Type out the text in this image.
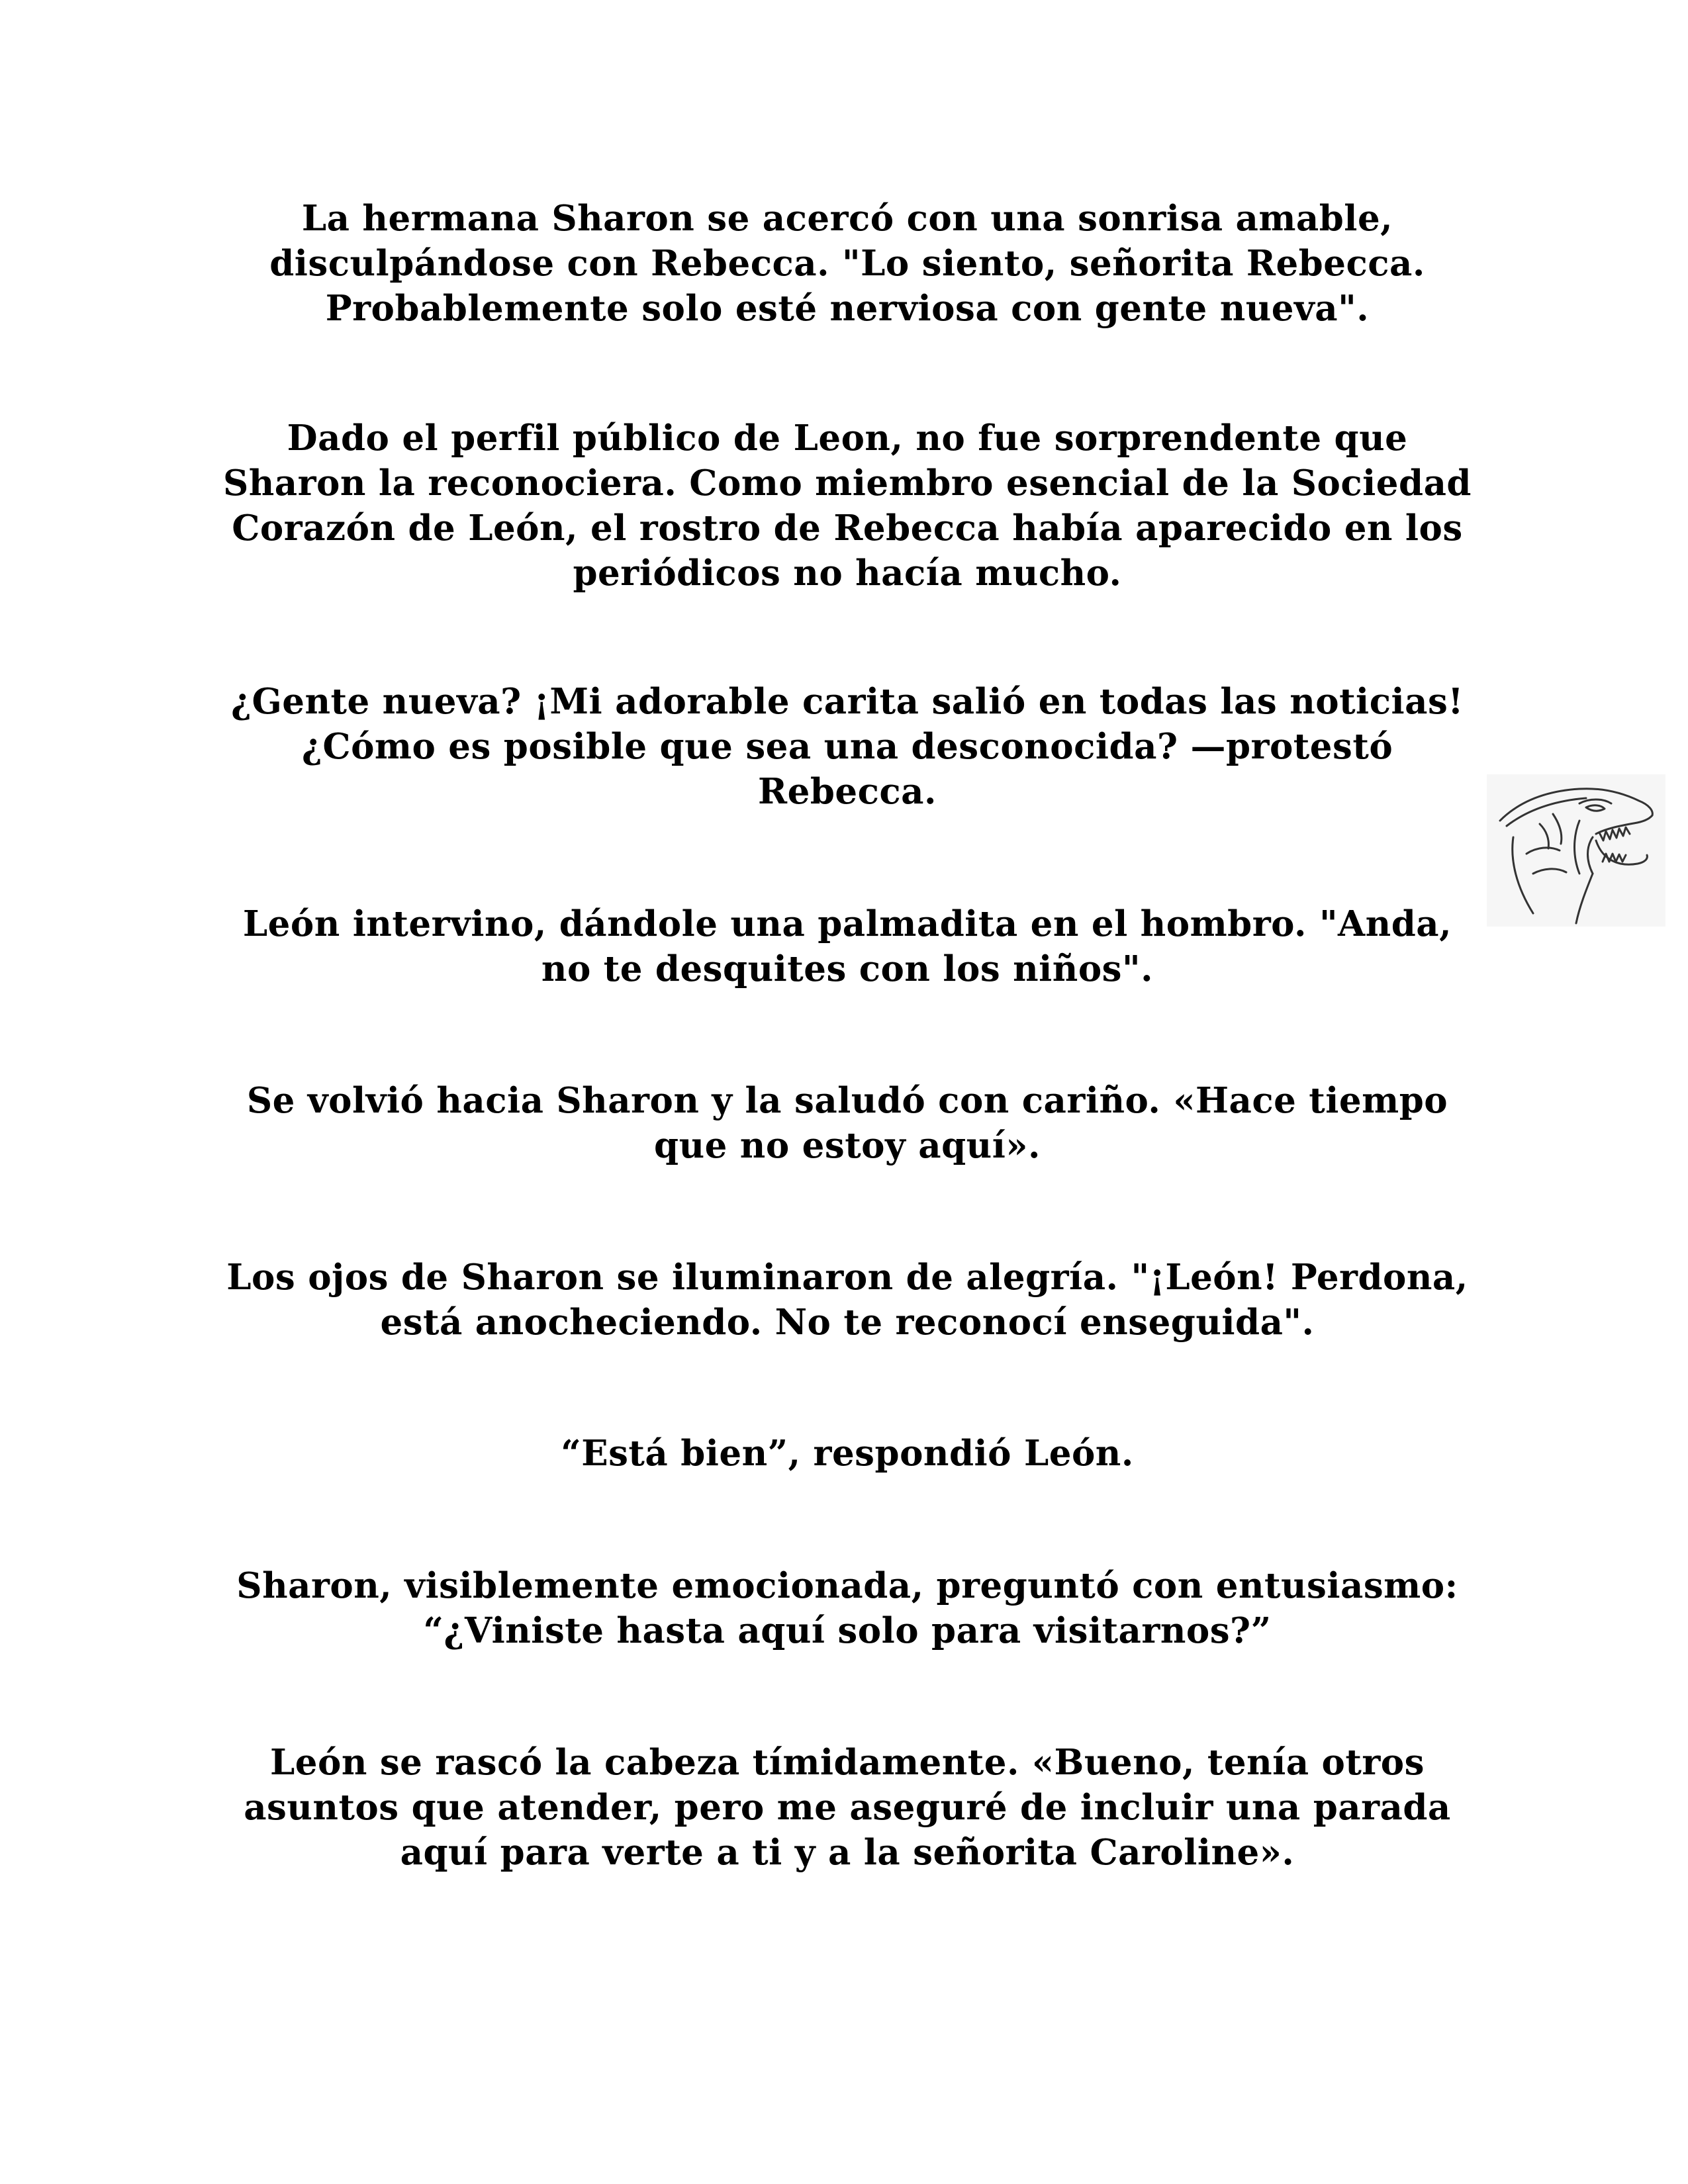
La hermana Sharon se acercó con una sonrisa amable,
disculpándose con Rebecca. "Lo siento, señorita Rebecca.
Probablemente solo esté nerviosa con gente nueva".

Dado el perfil público de Leon, no fue sorprendente que
Sharon la reconociera. Como miembro esencial de la Sociedad
Corazón de León, el rostro de Rebecca había aparecido en los
periódicos no hacía mucho.

¿Gente nueva? ¡Mi adorable carita salió en todas las noticias!
¿Cómo es posible que sea una desconocida? —protestó
Rebecca.

León intervino, dándole una palmadita en el hombro. "Anda,
no te desquites con los niños".

Se volvió hacia Sharon y la saludó con cariño. «Hace tiempo
que no estoy aquí».

Los ojos de Sharon se iluminaron de alegría. "¡León! Perdona,
está anocheciendo. No te reconocí enseguida".

“Está bien”, respondió León.

Sharon, visiblemente emocionada, preguntó con entusiasmo:
“¿Viniste hasta aquí solo para visitarnos?”

León se rascó la cabeza tímidamente. «Bueno, tenía otros
asuntos que atender, pero me aseguré de incluir una parada
aquí para verte a ti y a la señorita Caroline».
